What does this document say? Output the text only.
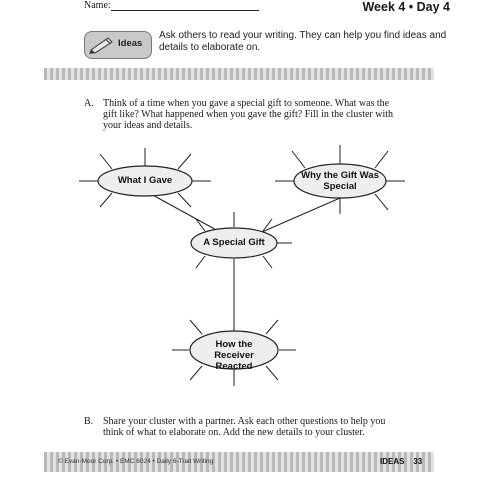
Name:	Week 4 • Day 4
Ideas
Ask others to read your writing. They can help you find ideas and details to elaborate on.
A. Think of a time when you gave a special gift to someone. What was the gift like? What happened when you gave the gift? Fill in the cluster with your ideas and details.
What I Gave	Why the Gift Was Special
A Special Gift
How the Receiver Reacted
B. Share your cluster with a partner. Ask each other questions to help you think of what to elaborate on. Add the new details to your cluster.
© Evan-Moor Corp. • EMC 6024 • Daily 6-Trait Writing	IDEAS    33
